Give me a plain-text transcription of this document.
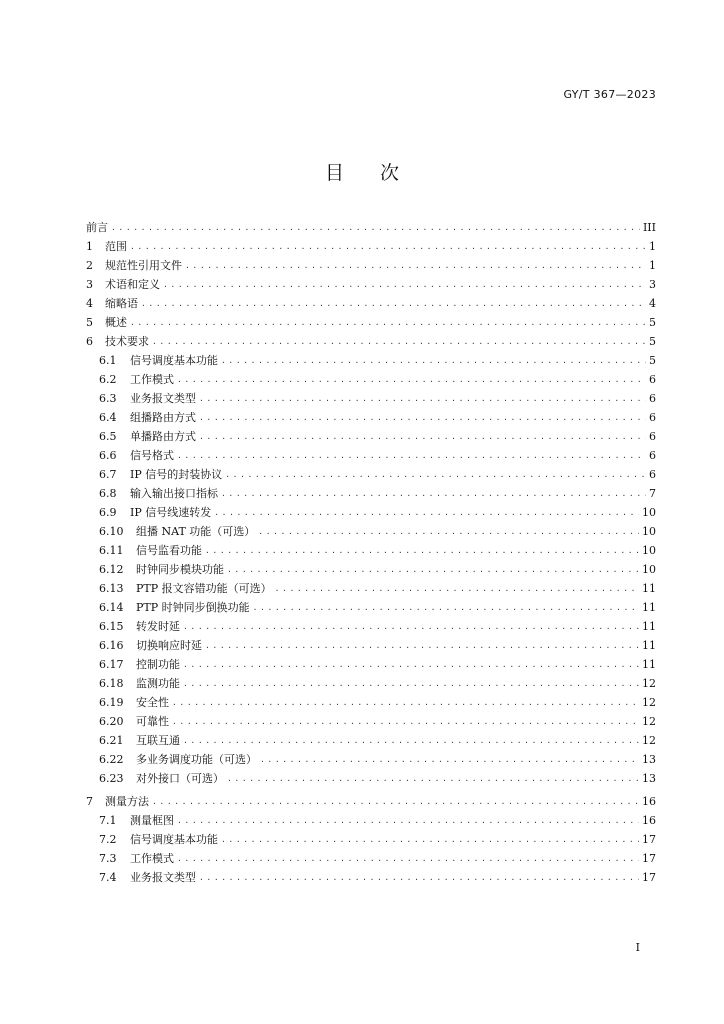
GY/T 367—2023
目次
前言 .....	III
1	范围 .....	1
2	规范性引用文件 .....	1
3	术语和定义 .....	3
4	缩略语 .....	4
5	概述 .....	5
6	技术要求 .....	5
6.1	信号调度基本功能 .....	5
6.2	工作模式 .....	6
6.3	业务报文类型 .....	6
6.4	组播路由方式 .....	6
6.5	单播路由方式 .....	6
6.6	信号格式 .....	6
6.7	IP 信号的封装协议 .....	6
6.8	输入输出接口指标 .....	7
6.9	IP 信号线速转发 .....	10
6.10	组播 NAT 功能（可选） .....	10
6.11	信号监看功能 .....	10
6.12	时钟同步模块功能 .....	10
6.13	PTP 报文容错功能（可选） .....	11
6.14	PTP 时钟同步倒换功能 .....	11
6.15	转发时延 .....	11
6.16	切换响应时延 .....	11
6.17	控制功能 .....	11
6.18	监测功能 .....	12
6.19	安全性 .....	12
6.20	可靠性 .....	12
6.21	互联互通 .....	12
6.22	多业务调度功能（可选） .....	13
6.23	对外接口（可选） .....	13
7	测量方法 .....	16
7.1	测量框图 .....	16
7.2	信号调度基本功能 .....	17
7.3	工作模式 .....	17
7.4	业务报文类型 .....	17
I
